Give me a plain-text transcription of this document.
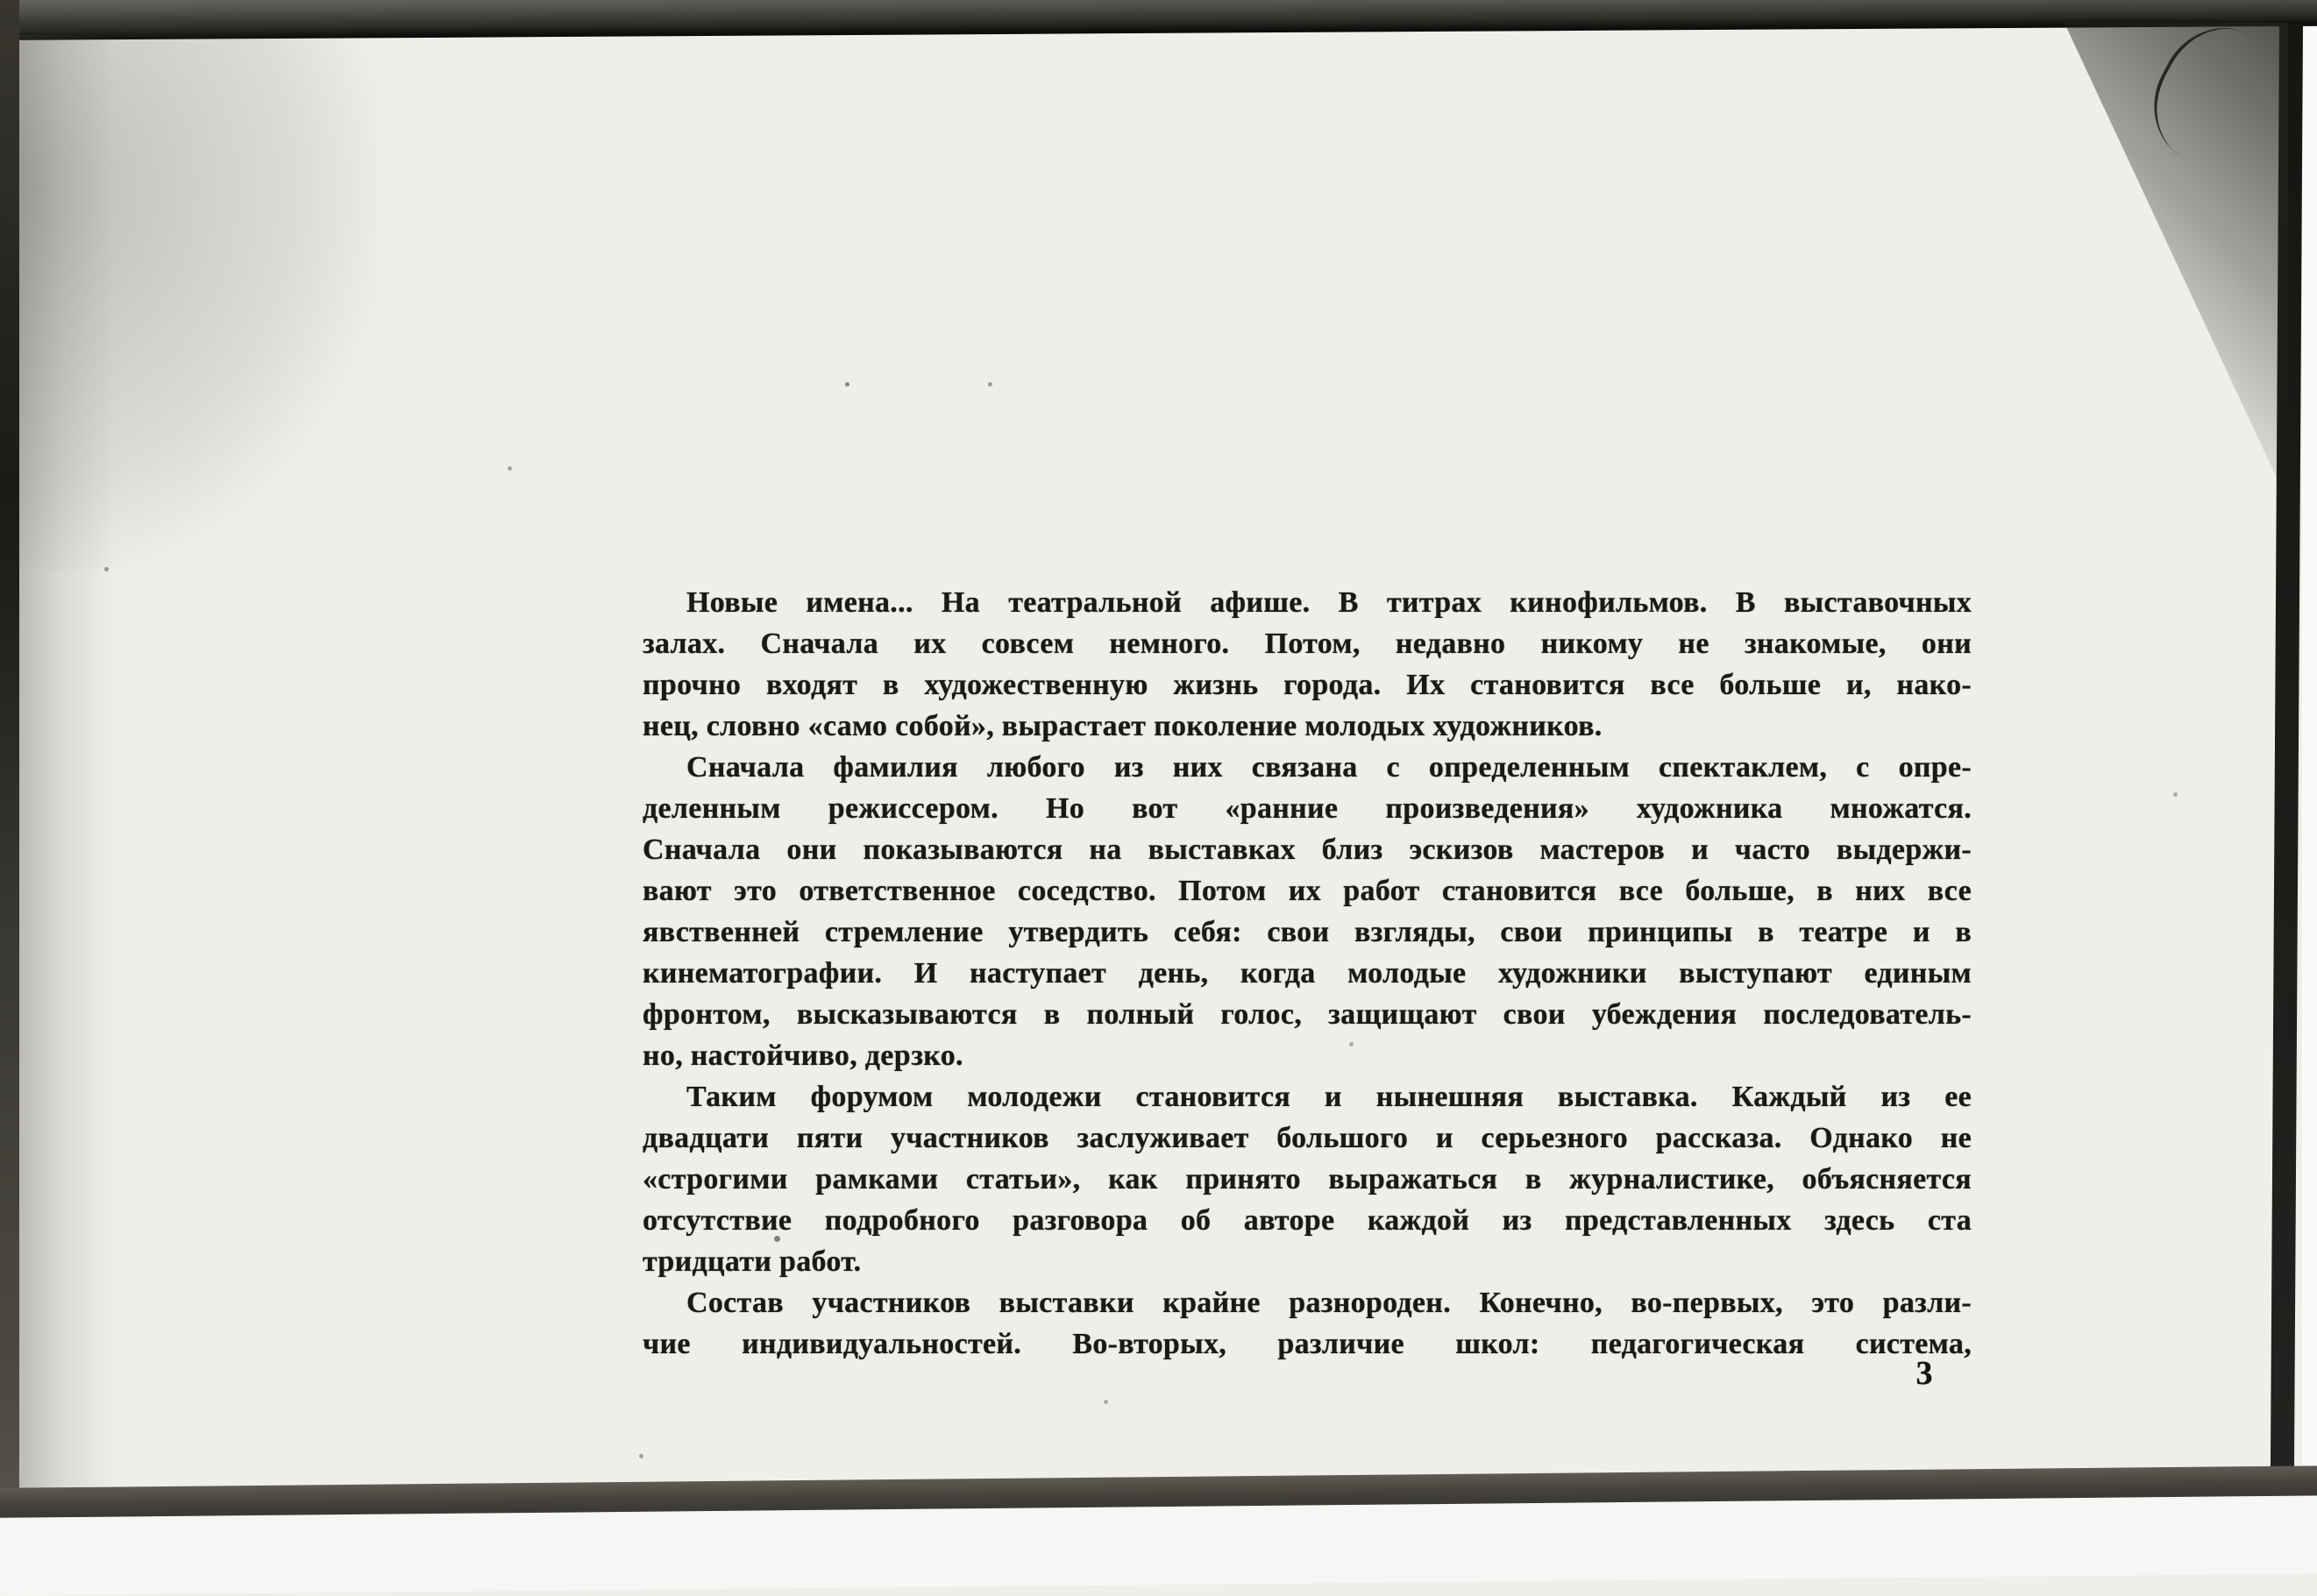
Новые имена... На театральной афише. В титрах кинофильмов. В выставочных
залах. Сначала их совсем немного. Потом, недавно никому не знакомые, они
прочно входят в художественную жизнь города. Их становится все больше и, нако-
нец, словно «само собой», вырастает поколение молодых художников.
Сначала фамилия любого из них связана с определенным спектаклем, с опре-
деленным режиссером. Но вот «ранние произведения» художника множатся.
Сначала они показываются на выставках близ эскизов мастеров и часто выдержи-
вают это ответственное соседство. Потом их работ становится все больше, в них все
явственней стремление утвердить себя: свои взгляды, свои принципы в театре и в
кинематографии. И наступает день, когда молодые художники выступают единым
фронтом, высказываются в полный голос, защищают свои убеждения последователь-
но, настойчиво, дерзко.
Таким форумом молодежи становится и нынешняя выставка. Каждый из ее
двадцати пяти участников заслуживает большого и серьезного рассказа. Однако не
«строгими рамками статьи», как принято выражаться в журналистике, объясняется
отсутствие подробного разговора об авторе каждой из представленных здесь ста
тридцати работ.
Состав участников выставки крайне разнороден. Конечно, во-первых, это разли-
чие индивидуальностей. Во-вторых, различие школ: педагогическая система,
3
